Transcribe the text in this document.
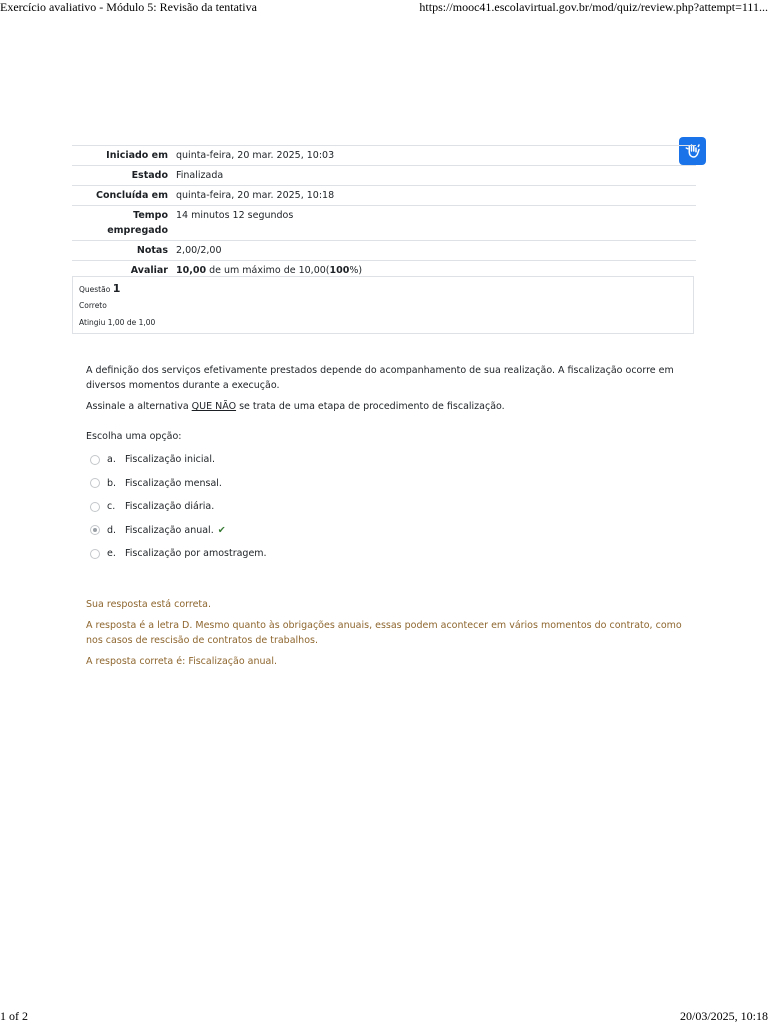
Exercício avaliativo - Módulo 5: Revisão da tentativa	https://mooc41.escolavirtual.gov.br/mod/quiz/review.php?attempt=111...
Iniciado em	quinta-feira, 20 mar. 2025, 10:03
Estado	Finalizada
Concluída em	quinta-feira, 20 mar. 2025, 10:18
Tempo
empregado	14 minutos 12 segundos
Notas	2,00/2,00
Avaliar	10,00 de um máximo de 10,00(100%)
Questão 1
Correto
Atingiu 1,00 de 1,00

A definição dos serviços efetivamente prestados depende do acompanhamento de sua realização. A fiscalização ocorre em diversos momentos durante a execução.

Assinale a alternativa QUE NÃO se trata de uma etapa de procedimento de fiscalização.

Escolha uma opção:
a. Fiscalização inicial.
b. Fiscalização mensal.
c.	Fiscalização diária.
d. Fiscalização anual. ✔
e. Fiscalização por amostragem.

Sua resposta está correta.

A resposta é a letra D. Mesmo quanto às obrigações anuais, essas podem acontecer em vários momentos do contrato, como nos casos de rescisão de contratos de trabalhos.

A resposta correta é: Fiscalização anual.

1 of 2	20/03/2025, 10:18
